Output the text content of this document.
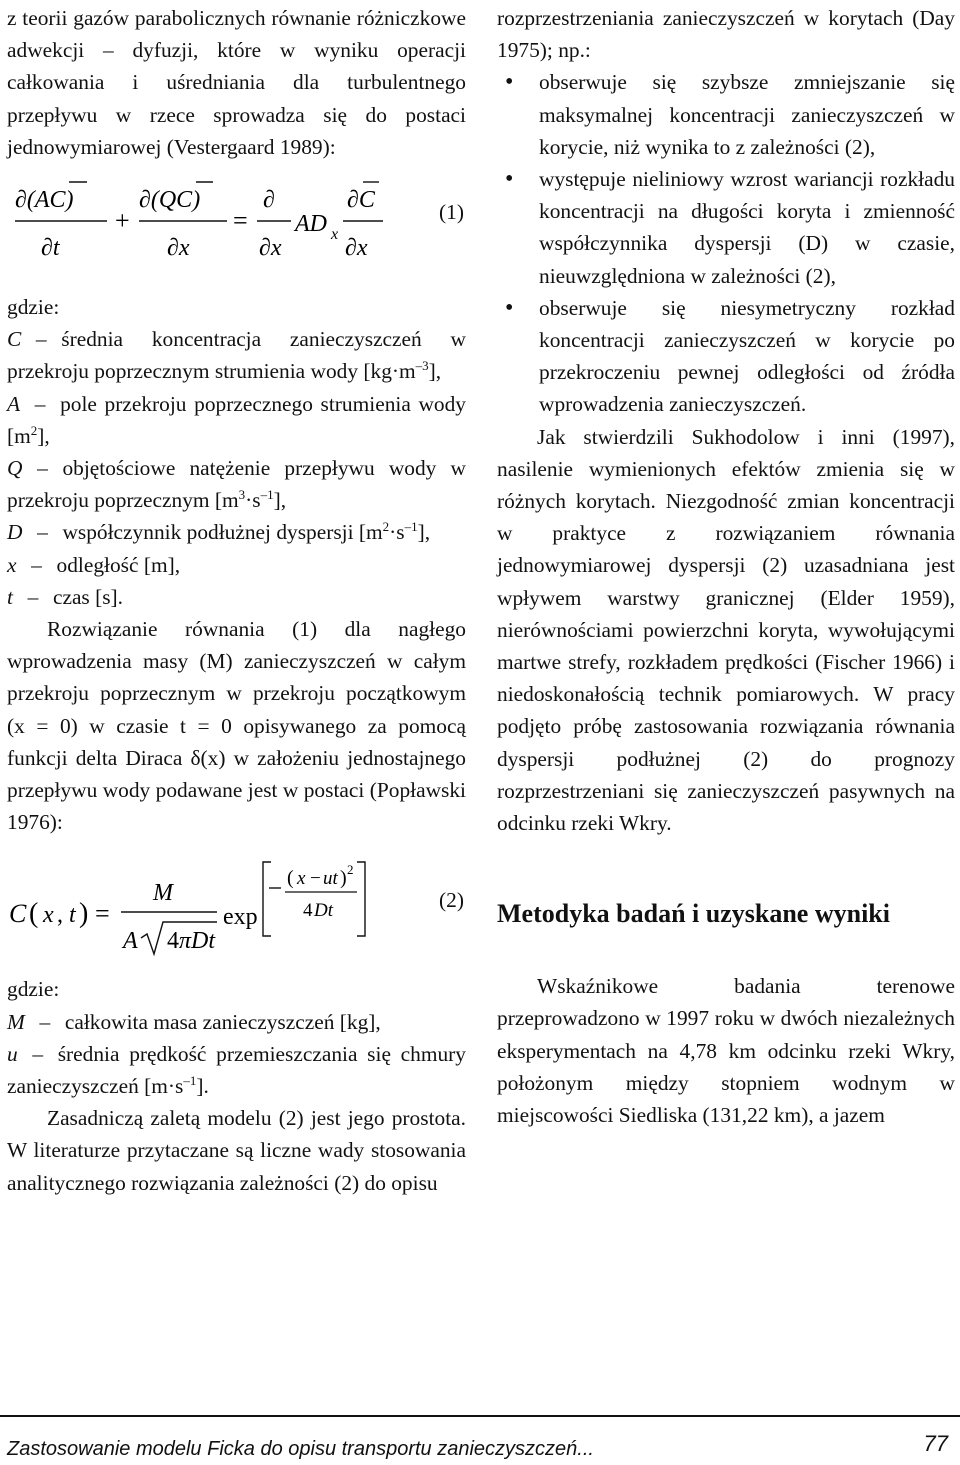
z teorii gazów parabolicznych równanie różniczkowe adwekcji – dyfuzji, które w wyniku operacji całkowania i uśredniania dla turbulentnego przepływu w rzece sprowadza się do postaci jednowymiarowej (Vestergaard 1989):

∂(AC)
∂t
+
∂(QC)
∂x
=
∂
∂x
AD x
∂C
∂x
(1)

gdzie:

C – średnia koncentracja zanieczyszczeń w przekroju poprzecznym strumienia wody $[kg\cdot m^{-3}]$,

A – pole przekroju poprzecznego strumienia wody $[m^2]$,

Q – objętościowe natężenie przepływu wody w przekroju poprzecznym $[m^3\cdot s^{-1}]$,

D – współczynnik podłużnej dyspersji $[m^2\cdot s^{-1}]$,

x – odległość [m],

t – czas [s].

Rozwiązanie równania (1) dla nagłego wprowadzenia masy (M) zanieczyszczeń w całym przekroju poprzecznym w przekroju początkowym (x = 0) w czasie t = 0 opisywanego za pomocą funkcji delta Diraca δ(x) w założeniu jednostajnego przepływu wody podawane jest w postaci (Popławski 1976):

C ( x , t ) =
M
A 4 πDt
exp
( x − ut ) 2
4 Dt	(2)

gdzie:

M – całkowita masa zanieczyszczeń [kg],

u – średnia prędkość przemieszczania się chmury zanieczyszczeń $[m\cdot s^{-1}]$.

Zasadniczą zaletą modelu (2) jest jego prostota. W literaturze przytaczane są liczne wady stosowania analitycznego rozwiązania zależności (2) do opisu

rozprzestrzeniania zanieczyszczeń w korytach (Day 1975); np.:

• obserwuje się szybsze zmniejszanie się maksymalnej koncentracji zanieczyszczeń w korycie, niż wynika to z zależności (2),
• występuje nieliniowy wzrost wariancji rozkładu koncentracji na długości koryta i zmienność współczynnika dyspersji (D) w czasie, nieuwzględniona w zależności (2),
• obserwuje się niesymetryczny rozkład koncentracji zanieczyszczeń w korycie po przekroczeniu pewnej odległości od źródła wprowadzenia zanieczyszczeń.

Jak stwierdzili Sukhodolow i inni (1997), nasilenie wymienionych efektów zmienia się w różnych korytach. Niezgodność zmian koncentracji w praktyce z rozwiązaniem równania jednowymiarowej dyspersji (2) uzasadniana jest wpływem warstwy granicznej (Elder 1959), nierównościami powierzchni koryta, wywołującymi martwe strefy, rozkładem prędkości (Fischer 1966) i niedoskonałością technik pomiarowych. W pracy podjęto próbę zastosowania rozwiązania równania dyspersji podłużnej (2) do prognozy rozprzestrzeniani się zanieczyszczeń pasywnych na odcinku rzeki Wkry.

Metodyka badań i uzyskane wyniki

Wskaźnikowe badania terenowe przeprowadzono w 1997 roku w dwóch niezależnych eksperymentach na 4,78 km odcinku rzeki Wkry, położonym między stopniem wodnym w miejscowości Siedliska (131,22 km), a jazem

Zastosowanie modelu Ficka do opisu transportu zanieczyszczeń...	77
